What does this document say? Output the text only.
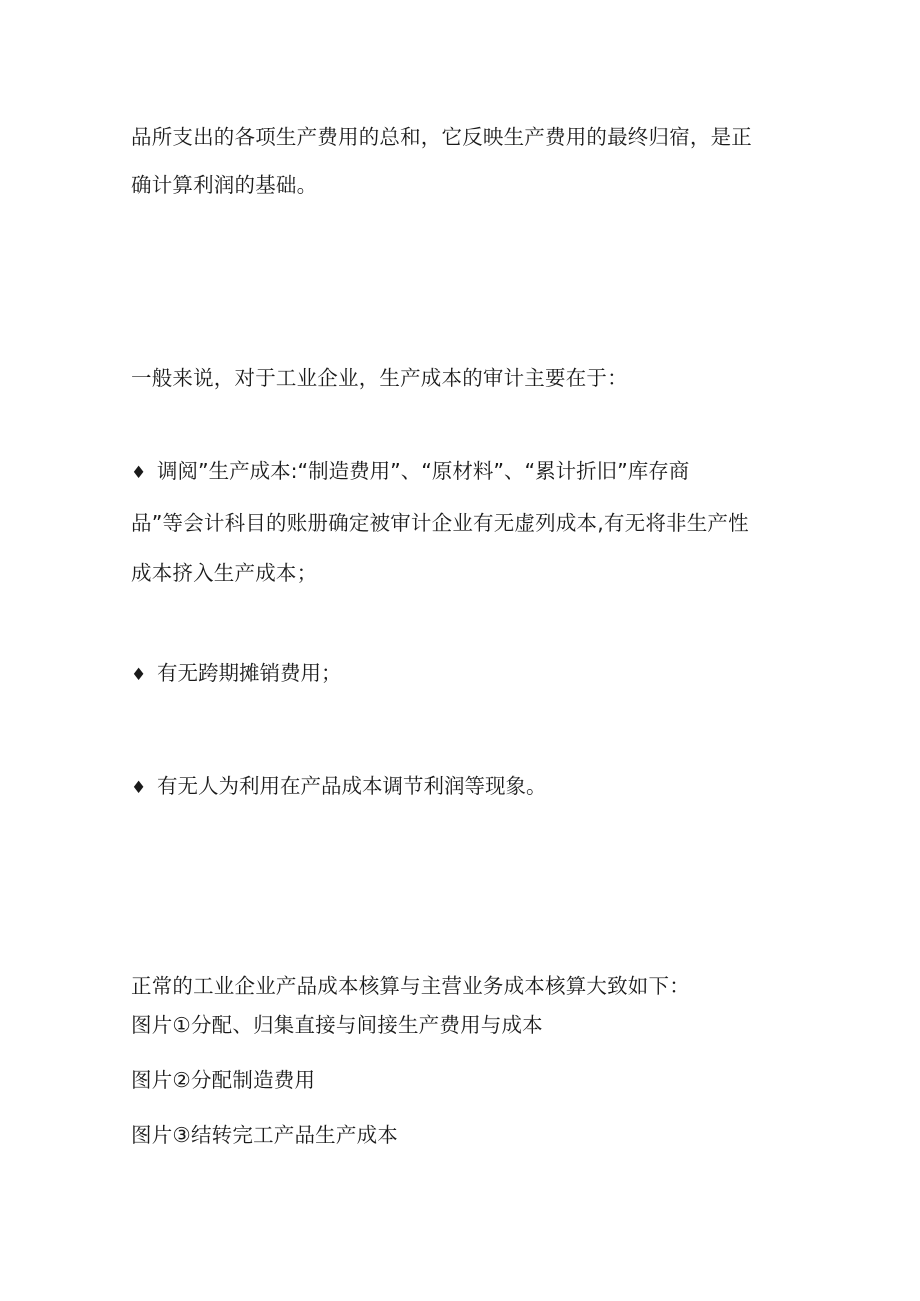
品所支出的各项生产费用的总和，它反映生产费用的最终归宿，是正
确计算利润的基础。
一般来说，对于工业企业，生产成本的审计主要在于：
♦ 调阅”生产成本:“制造费用”、“原材料”、“累计折旧”库存商
品”等会计科目的账册确定被审计企业有无虚列成本,有无将非生产性
成本挤入生产成本；
♦ 有无跨期摊销费用；
♦ 有无人为利用在产品成本调节利润等现象。
正常的工业企业产品成本核算与主营业务成本核算大致如下：
图片①分配、归集直接与间接生产费用与成本
图片②分配制造费用
图片③结转完工产品生产成本
